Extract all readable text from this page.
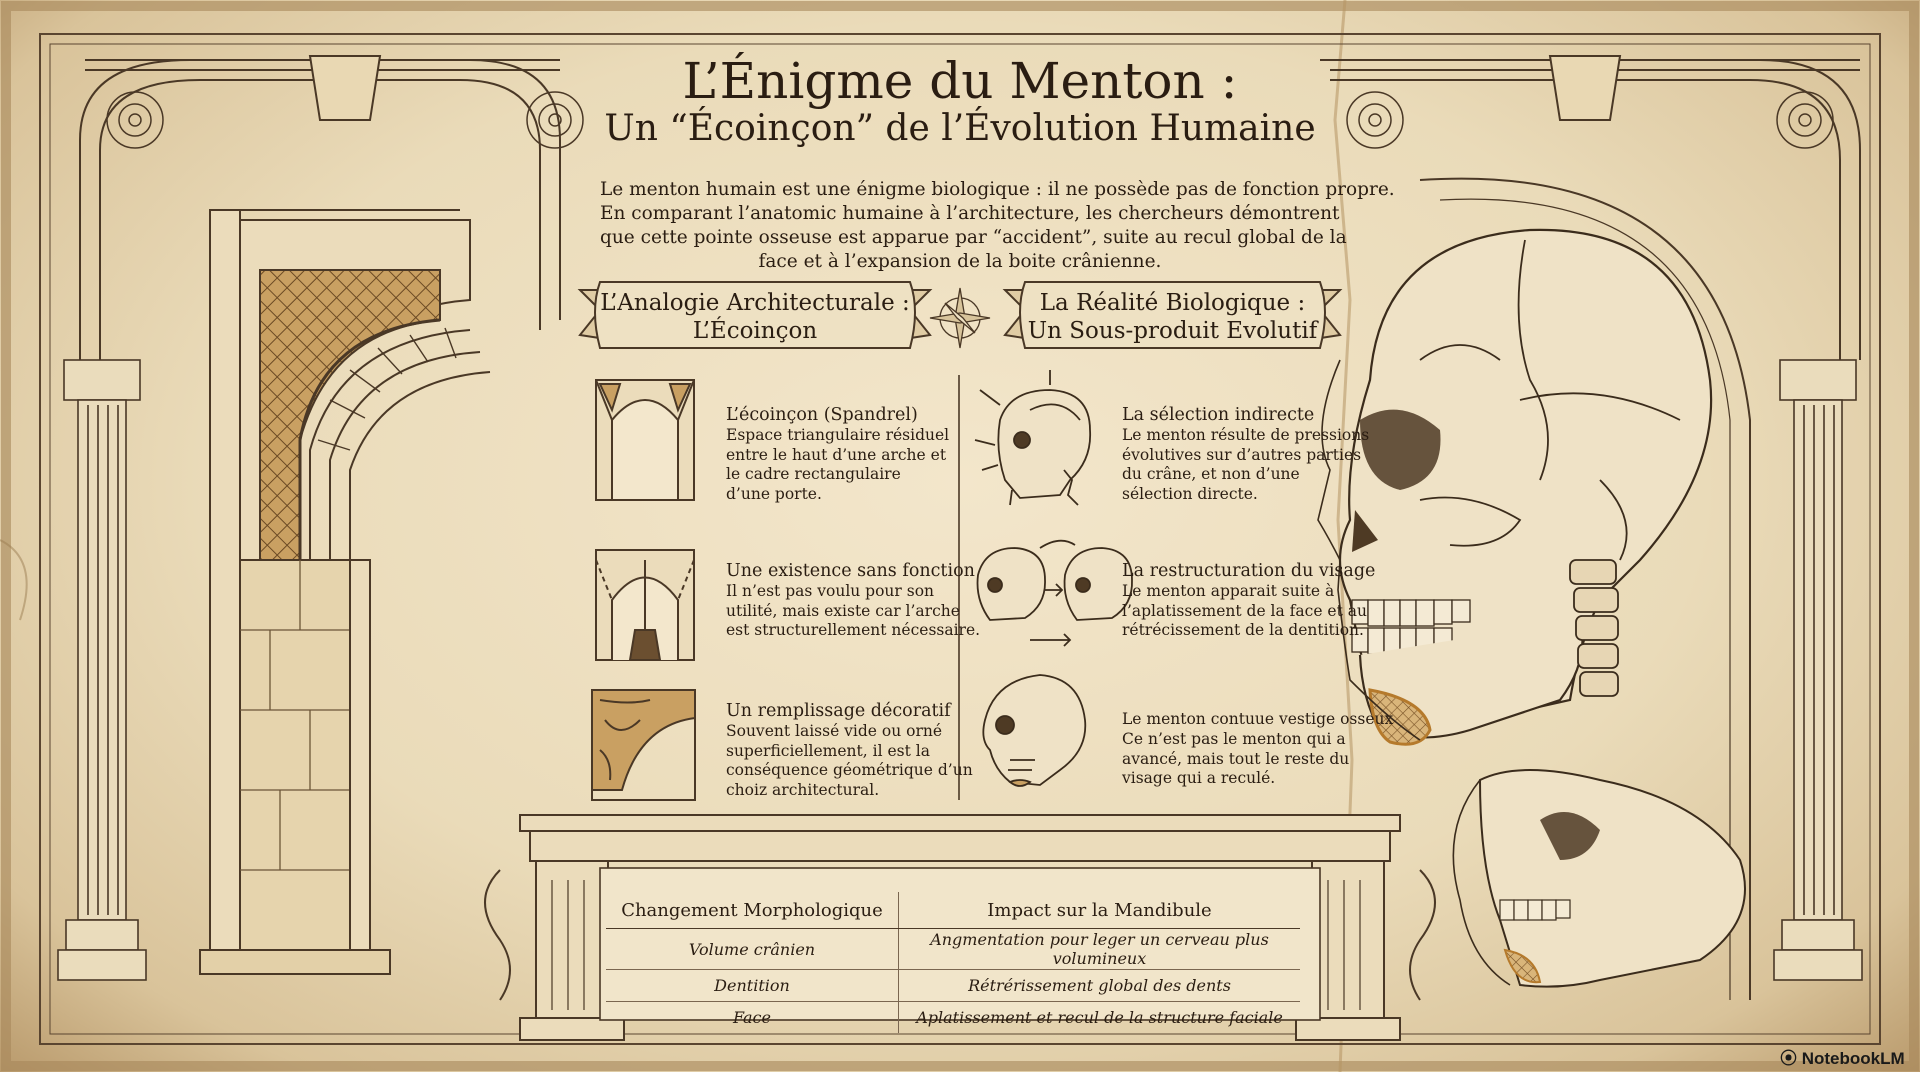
L’Énigme du Menton :
Un “Écoinçon” de l’Évolution Humaine
Le menton humain est une énigme biologique : il ne possède pas de fonction propre.
En comparant l’anatomic humaine à l’architecture, les chercheurs démontrent
que cette pointe osseuse est apparue par “accident”, suite au recul global de la
face et à l’expansion de la boite crânienne.
L’Analogie Architecturale :
L’Écoinçon
La Réalité Biologique :
Un Sous-produit Evolutif
L’écoinçon (Spandrel)
Espace triangulaire résiduel
entre le haut d’une arche et
le cadre rectangulaire
d’une porte.
Une existence sans fonction
Il n’est pas voulu pour son
utilité, mais existe car l’arche
est structurellement nécessaire.
Un remplissage décoratif
Souvent laissé vide ou orné
superficiellement, il est la
conséquence géométrique d’un
choiz architectural.
La sélection indirecte
Le menton résulte de pressions
évolutives sur d’autres parties
du crâne, et non d’une
sélection directe.
La restructuration du visage
Le menton apparait suite à
l’aplatissement de la face et au
rétrécissement de la dentition.
Le menton contuue vestige osseux
Ce n’est pas le menton qui a
avancé, mais tout le reste du
visage qui a reculé.
Changement Morphologique	Impact sur la Mandibule
Volume crânien	Angmentation pour leger un cerveau plus volumineux
Dentition	Rétrérissement global des dents
Face	Aplatissement et recul de la structure faciale
⦿ NotebookLM
